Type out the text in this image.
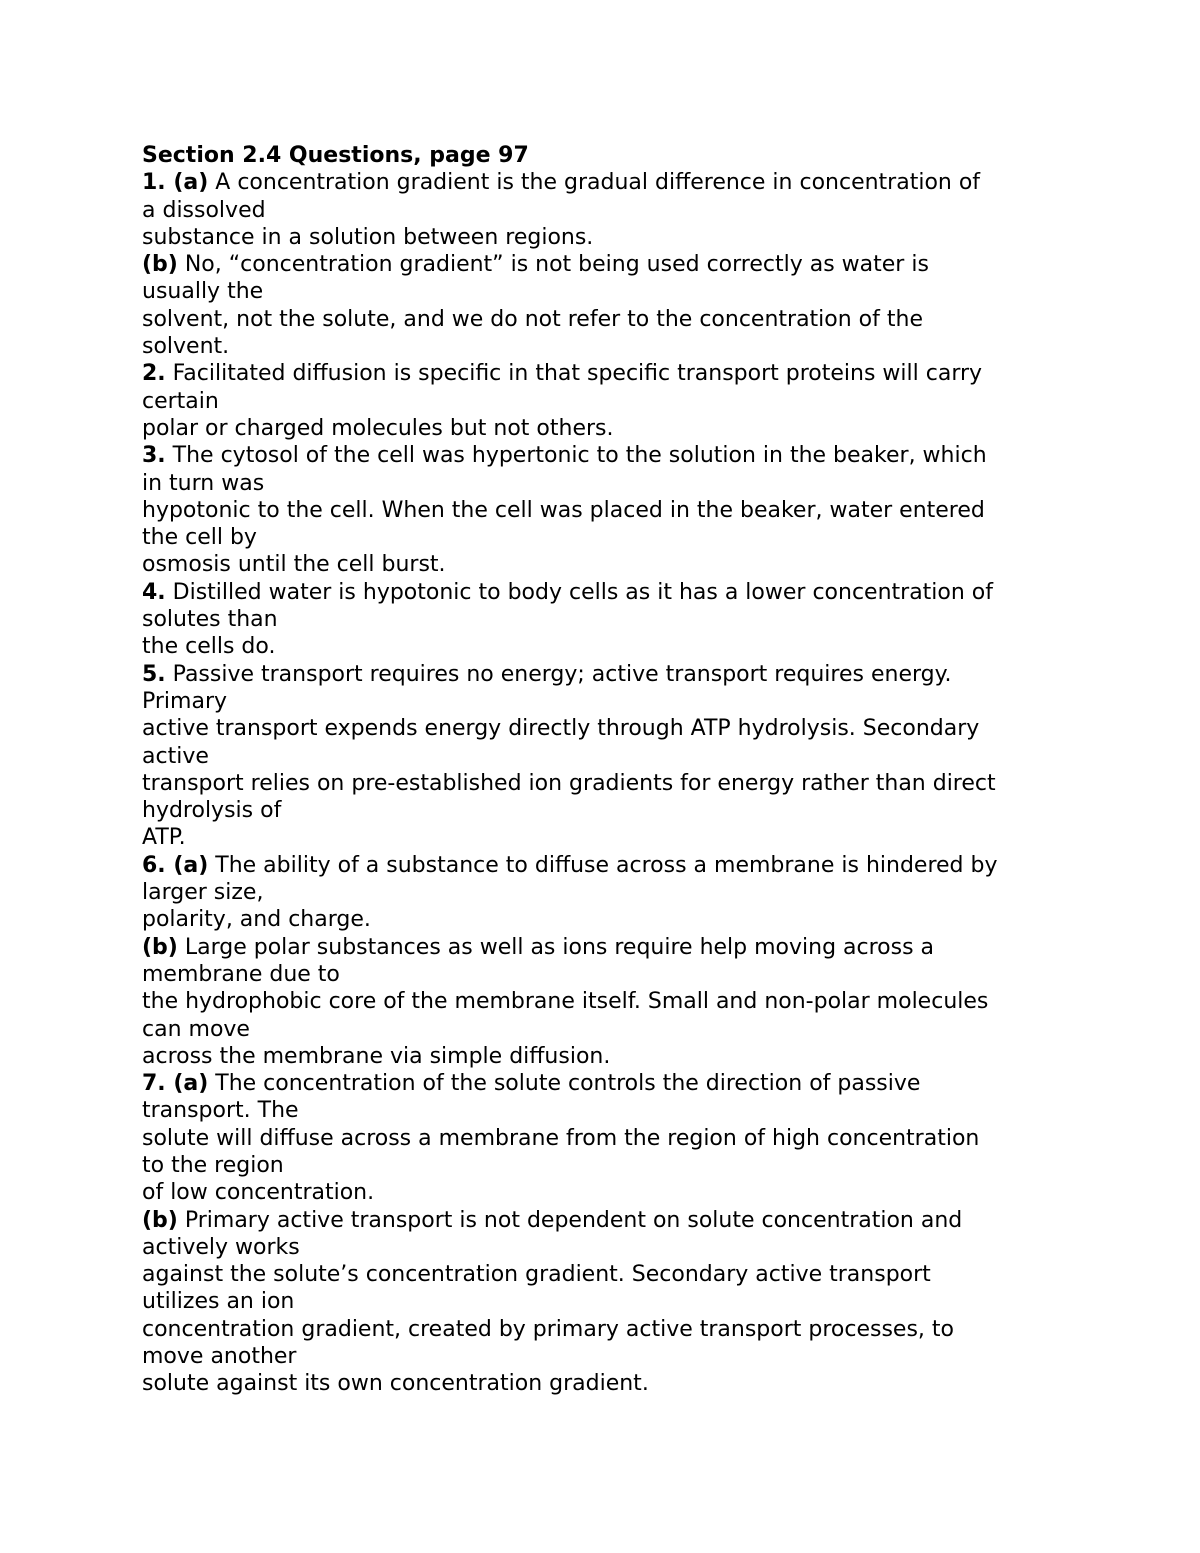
Section 2.4 Questions, page 97
1. (a) A concentration gradient is the gradual difference in concentration of
a dissolved
substance in a solution between regions.
(b) No, “concentration gradient” is not being used correctly as water is
usually the
solvent, not the solute, and we do not refer to the concentration of the
solvent.
2. Facilitated diffusion is specific in that specific transport proteins will carry
certain
polar or charged molecules but not others.
3. The cytosol of the cell was hypertonic to the solution in the beaker, which
in turn was
hypotonic to the cell. When the cell was placed in the beaker, water entered
the cell by
osmosis until the cell burst.
4. Distilled water is hypotonic to body cells as it has a lower concentration of
solutes than
the cells do.
5. Passive transport requires no energy; active transport requires energy.
Primary
active transport expends energy directly through ATP hydrolysis. Secondary
active
transport relies on pre-established ion gradients for energy rather than direct
hydrolysis of
ATP.
6. (a) The ability of a substance to diffuse across a membrane is hindered by
larger size,
polarity, and charge.
(b) Large polar substances as well as ions require help moving across a
membrane due to
the hydrophobic core of the membrane itself. Small and non-polar molecules
can move
across the membrane via simple diffusion.
7. (a) The concentration of the solute controls the direction of passive
transport. The
solute will diffuse across a membrane from the region of high concentration
to the region
of low concentration.
(b) Primary active transport is not dependent on solute concentration and
actively works
against the solute’s concentration gradient. Secondary active transport
utilizes an ion
concentration gradient, created by primary active transport processes, to
move another
solute against its own concentration gradient.
